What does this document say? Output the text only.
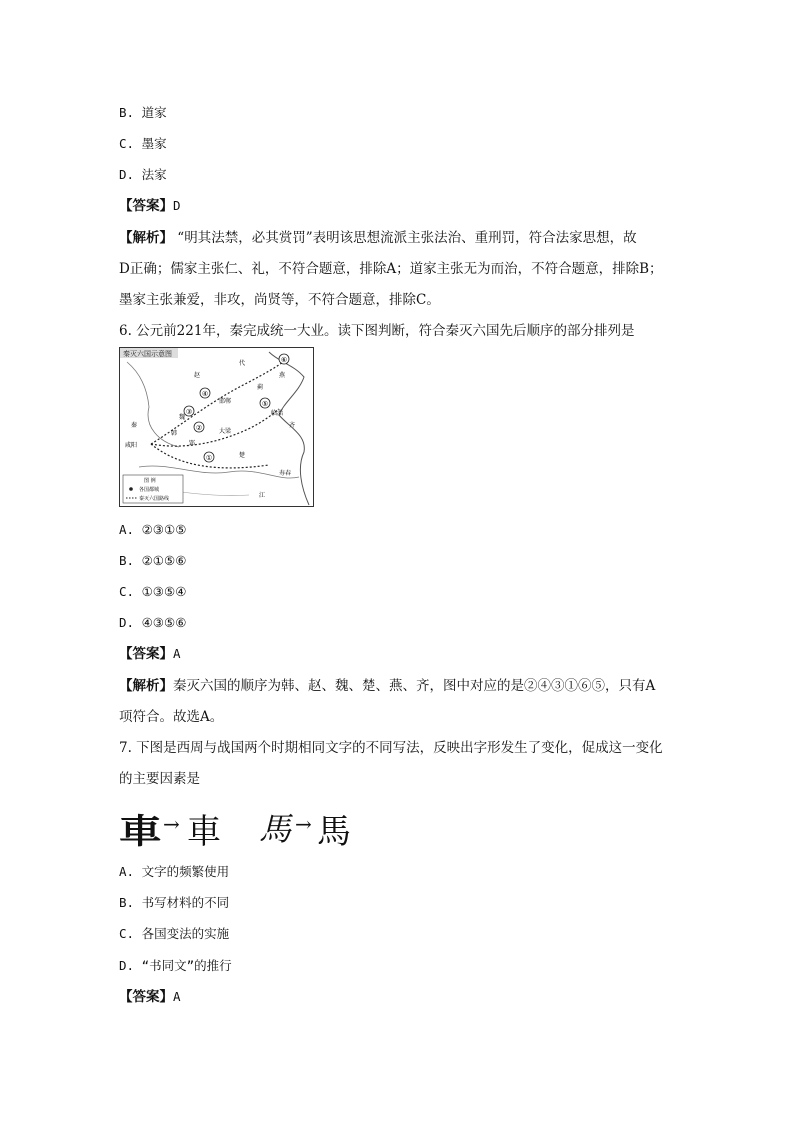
B. 道家
C. 墨家
D. 法家
【答案】D
【解析】 “明其法禁，必其赏罚”表明该思想流派主张法治、重刑罚，符合法家思想，故
D正确；儒家主张仁、礼，不符合题意，排除A；道家主张无为而治，不符合题意，排除B；
墨家主张兼爱，非攻，尚贤等，不符合题意，排除C。
6. 公元前221年，秦完成统一大业。读下图判断，符合秦灭六国先后顺序的部分排列是
秦灭六国示意图
⑥
④
⑤
③
②
①
代
蓟
邯郸
临淄
咸阳
大梁
郢
寿春
魏
韩
赵	燕
齐
楚
秦
江
图 例
各国都城
秦灭六国路线
A. ②③①⑤
B. ②①⑤⑥
C. ①③⑤④
D. ④③⑤⑥
【答案】A
【解析】秦灭六国的顺序为韩、赵、魏、楚、燕、齐，图中对应的是②④③①⑥⑤，只有A
项符合。故选A。
7. 下图是西周与战国两个时期相同文字的不同写法，反映出字形发生了变化，促成这一变化
的主要因素是
車 → 車 馬 → 馬
A. 文字的频繁使用
B. 书写材料的不同
C. 各国变法的实施
D. “书同文”的推行
【答案】A
